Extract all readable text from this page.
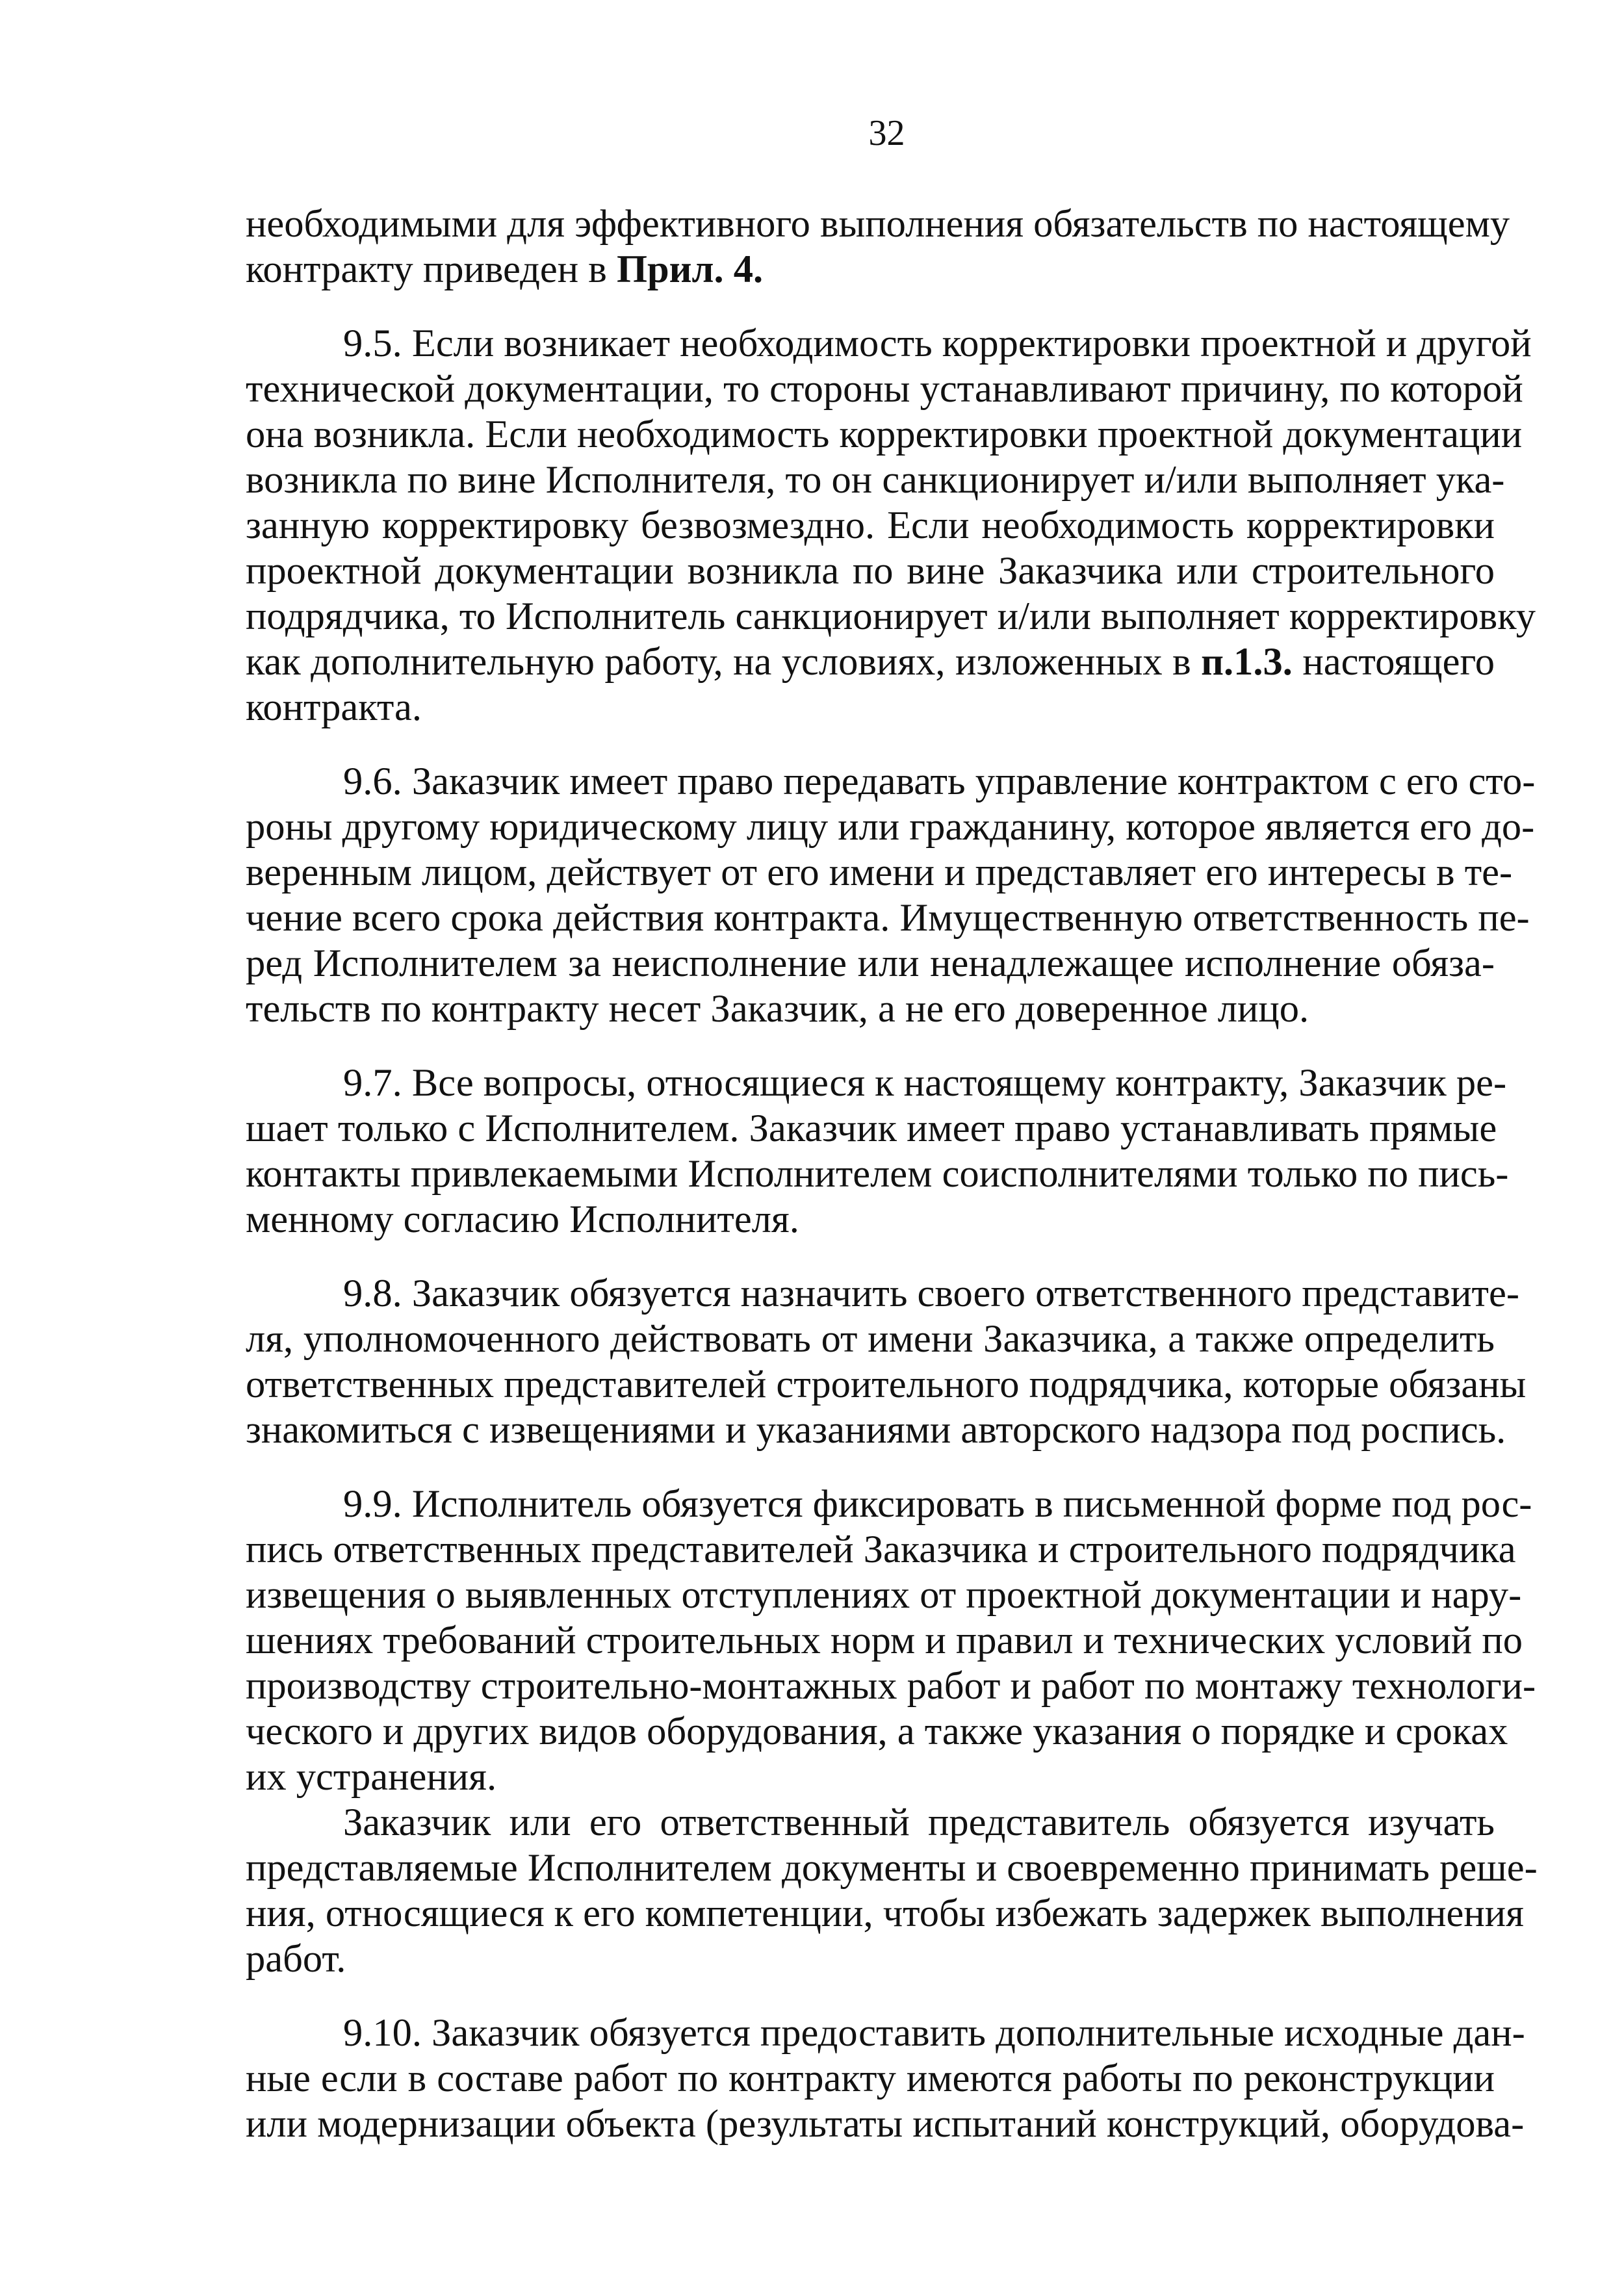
32
необходимыми для эффективного выполнения обязательств по настоящему
контракту приведен в Прил. 4.
9.5. Если возникает необходимость корректировки проектной и другой
технической документации, то стороны устанавливают причину, по которой
она возникла. Если необходимость корректировки проектной документации
возникла по вине Исполнителя, то он санкционирует и/или выполняет ука-
занную корректировку безвозмездно. Если необходимость корректировки
проектной документации возникла по вине Заказчика или строительного
подрядчика, то Исполнитель санкционирует и/или выполняет корректировку
как дополнительную работу, на условиях, изложенных в п.1.3. настоящего
контракта.
9.6. Заказчик имеет право передавать управление контрактом с его сто-
роны другому юридическому лицу или гражданину, которое является его до-
веренным лицом, действует от его имени и представляет его интересы в те-
чение всего срока действия контракта. Имущественную ответственность пе-
ред Исполнителем за неисполнение или ненадлежащее исполнение обяза-
тельств по контракту несет Заказчик, а не его доверенное лицо.
9.7. Все вопросы, относящиеся к настоящему контракту, Заказчик ре-
шает только с Исполнителем. Заказчик имеет право устанавливать прямые
контакты привлекаемыми Исполнителем соисполнителями только по пись-
менному согласию Исполнителя.
9.8. Заказчик обязуется назначить своего ответственного представите-
ля, уполномоченного действовать от имени Заказчика, а также определить
ответственных представителей строительного подрядчика, которые обязаны
знакомиться с извещениями и указаниями авторского надзора под роспись.
9.9. Исполнитель обязуется фиксировать в письменной форме под рос-
пись ответственных представителей Заказчика и строительного подрядчика
извещения о выявленных отступлениях от проектной документации и нару-
шениях требований строительных норм и правил и технических условий по
производству строительно-монтажных работ и работ по монтажу технологи-
ческого и других видов оборудования, а также указания о порядке и сроках
их устранения.
Заказчик или его ответственный представитель обязуется изучать
представляемые Исполнителем документы и своевременно принимать реше-
ния, относящиеся к его компетенции, чтобы избежать задержек выполнения
работ.
9.10. Заказчик обязуется предоставить дополнительные исходные дан-
ные если в составе работ по контракту имеются работы по реконструкции
или модернизации объекта (результаты испытаний конструкций, оборудова-
